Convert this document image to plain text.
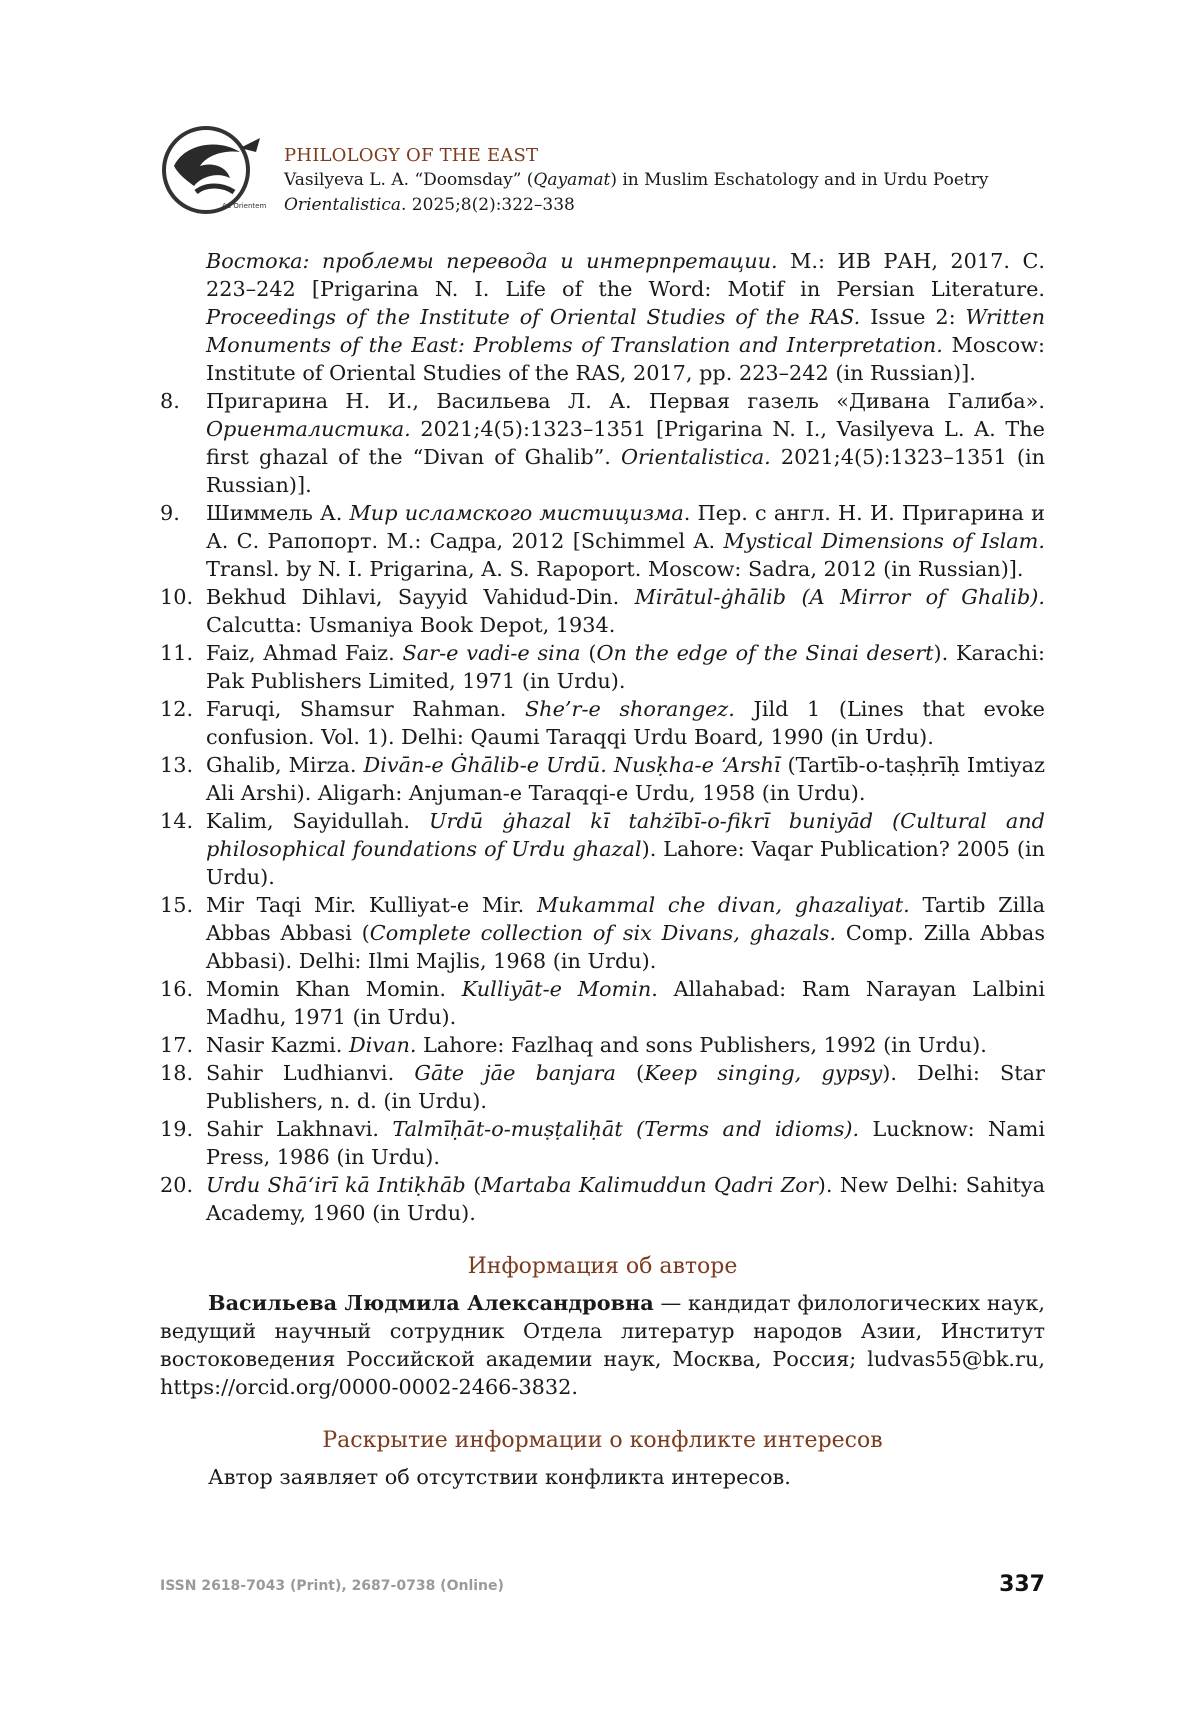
Ad Orientem
PHILOLOGY OF THE EAST
Vasilyeva L. A. “Doomsday” (Qayamat) in Muslim Eschatology and in Urdu Poetry
Orientalistica. 2025;8(2):322–338
Востока: проблемы перевода и интерпретации. М.: ИВ РАН, 2017. С. 223–242 [Prigarina N. I. Life of the Word: Motif in Persian Literature. Proceedings of the Institute of Oriental Studies of the RAS. Issue 2: Written Monuments of the East: Problems of Translation and Interpretation. Moscow: Institute of Oriental Studies of the RAS, 2017, pp. 223–242 (in Russian)].
8. Пригарина Н. И., Васильева Л. А. Первая газель «Дивана Галиба». Ориенталистика. 2021;4(5):1323–1351 [Prigarina N. I., Vasilyeva L. A. The first ghazal of the “Divan of Ghalib”. Orientalistica. 2021;4(5):1323–1351 (in Russian)].
9. Шиммель А. Мир исламского мистицизма. Пер. с англ. Н. И. Пригарина и А. С. Рапопорт. М.: Садра, 2012 [Schimmel A. Mystical Dimensions of Islam. Transl. by N. I. Prigarina, A. S. Rapoport. Moscow: Sadra, 2012 (in Russian)].
10. Bekhud Dihlavi, Sayyid Vahidud-Din. Mirātul-ġhālib (A Mirror of Ghalib). Calcutta: Usmaniya Book Depot, 1934.
11. Faiz, Ahmad Faiz. Sar-e vadi-e sina (On the edge of the Sinai desert). Karachi: Pak Publishers Limited, 1971 (in Urdu).
12. Faruqi, Shamsur Rahman. She’r-e shorangez. Jild 1 (Lines that evoke confusion. Vol. 1). Delhi: Qaumi Taraqqi Urdu Board, 1990 (in Urdu).
13. Ghalib, Mirza. Divān-e Ġhālib-e Urdū. Nusḳha-e ‘Arshī (Tartīb-o-taṣḥrīḥ Imtiyaz Ali Arshi). Aligarh: Anjuman-e Taraqqi-e Urdu, 1958 (in Urdu).
14. Kalim, Sayidullah. Urdū ġhazal kī tahżībī-o-fikrī buniyād (Cultural and philosophical foundations of Urdu ghazal). Lahore: Vaqar Publication? 2005 (in Urdu).
15. Mir Taqi Mir. Kulliyat-e Mir. Mukammal che divan, ghazaliyat. Tartib Zilla Abbas Abbasi (Complete collection of six Divans, ghazals. Comp. Zilla Abbas Abbasi). Delhi: Ilmi Majlis, 1968 (in Urdu).
16. Momin Khan Momin. Kulliyāt-e Momin. Allahabad: Ram Narayan Lalbini Madhu, 1971 (in Urdu).
17. Nasir Kazmi. Divan. Lahore: Fazlhaq and sons Publishers, 1992 (in Urdu).
18. Sahir Ludhianvi. Gāte jāe banjara (Keep singing, gypsy). Delhi: Star Publishers, n. d. (in Urdu).
19. Sahir Lakhnavi. Talmīḥāt-o-muṣṭaliḥāt (Terms and idioms). Lucknow: Nami Press, 1986 (in Urdu).
20. Urdu Shā‘irī kā Intiḳhāb (Martaba Kalimuddun Qadri Zor). New Delhi: Sahitya Academy, 1960 (in Urdu).
Информация об авторе
Васильева Людмила Александровна — кандидат филологических наук, ведущий научный сотрудник Отдела литератур народов Азии, Институт востоковедения Российской академии наук, Москва, Россия; ludvas55@bk.ru, https://orcid.org/0000-0002-2466-3832.
Раскрытие информации о конфликте интересов
Автор заявляет об отсутствии конфликта интересов.
ISSN 2618-7043 (Print), 2687-0738 (Online)	337
